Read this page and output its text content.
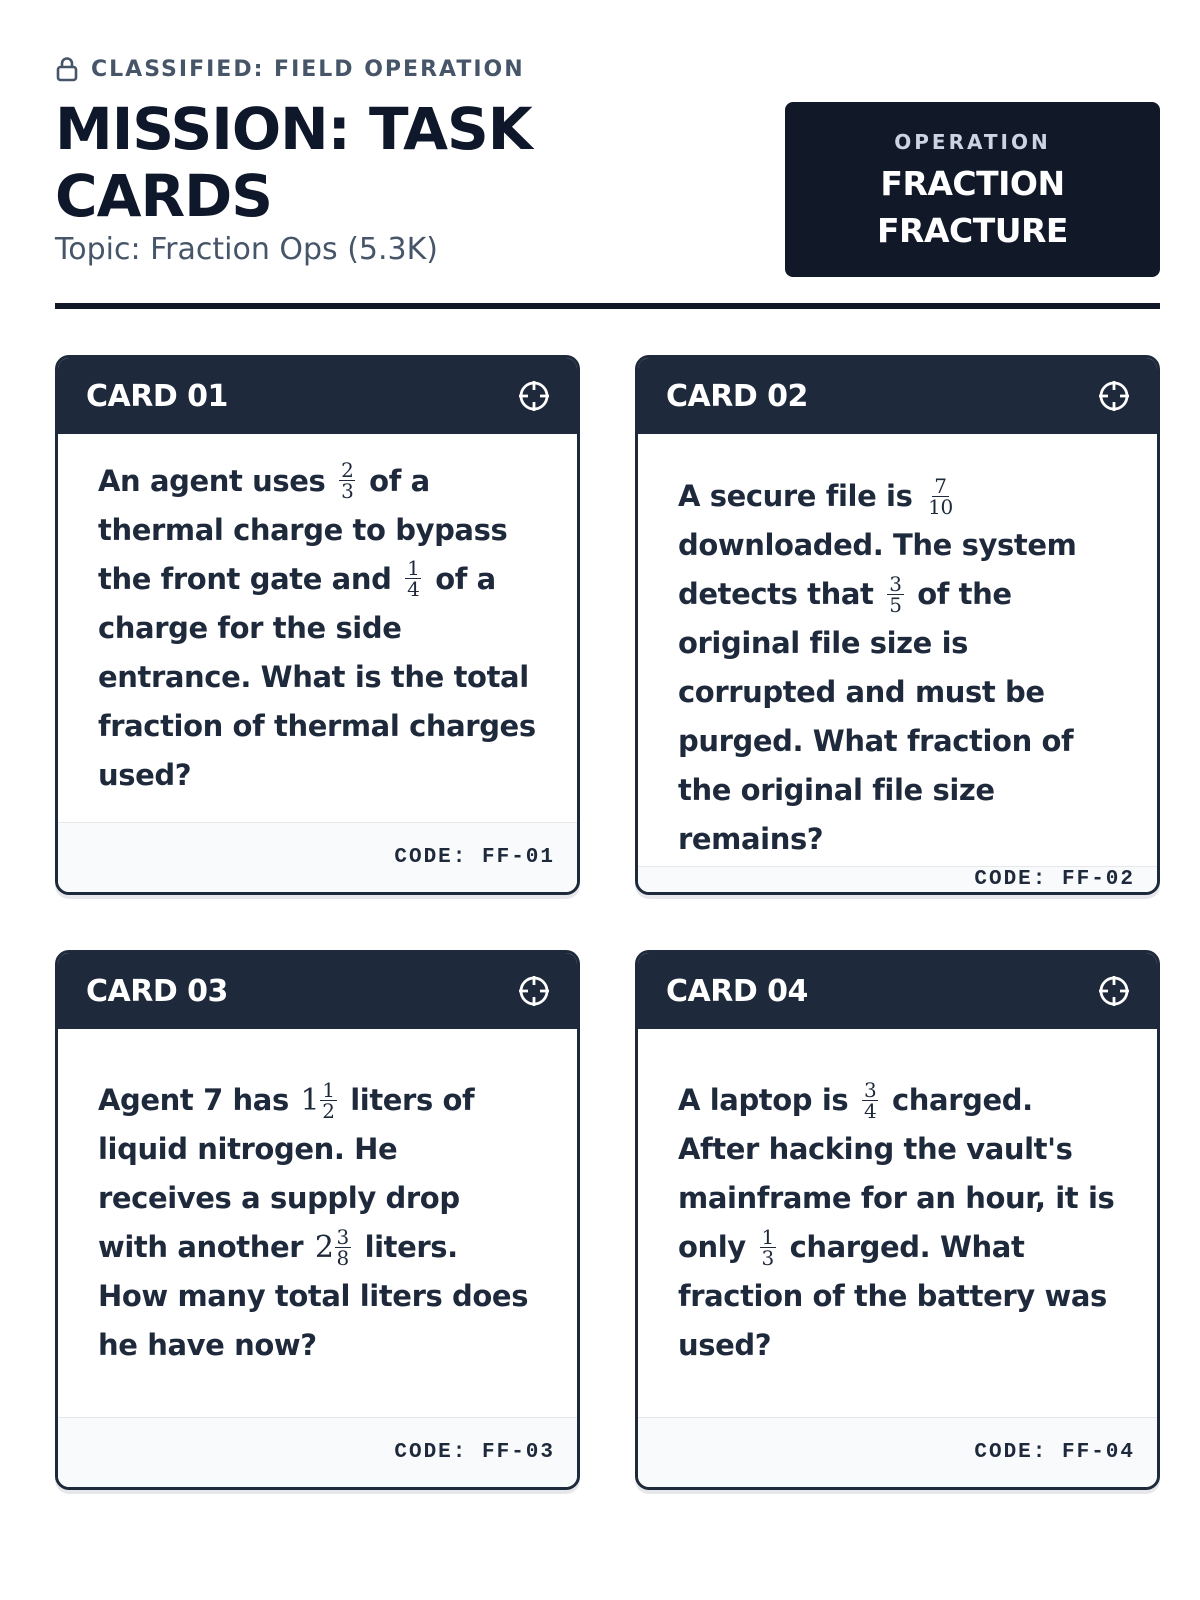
CLASSIFIED: FIELD OPERATION
MISSION: TASK
CARDS
Topic: Fraction Ops (5.3K)
OPERATION
FRACTION
FRACTURE
CARD 01

An agent uses $\frac{2}{3}$ of a thermal charge to bypass the front gate and $\frac{1}{4}$ of a charge for the side entrance. What is the total fraction of thermal charges used?

CODE: FF-01
CARD 02

A secure file is $\frac{7}{10}$
downloaded. The system detects that $\frac{3}{5}$ of the original file size is corrupted and must be purged. What fraction of the original file size remains?

CODE: FF-02
CARD 03

Agent 7 has $1 \frac{1}{2}$ liters of liquid nitrogen. He receives a supply drop with another $2 \frac{3}{8}$ liters. How many total liters does he have now?

CODE: FF-03
CARD 04

A laptop is $\frac{3}{4}$ charged. After hacking the vault's mainframe for an hour, it is only $\frac{1}{3}$ charged. What fraction of the battery was used?

CODE: FF-04
